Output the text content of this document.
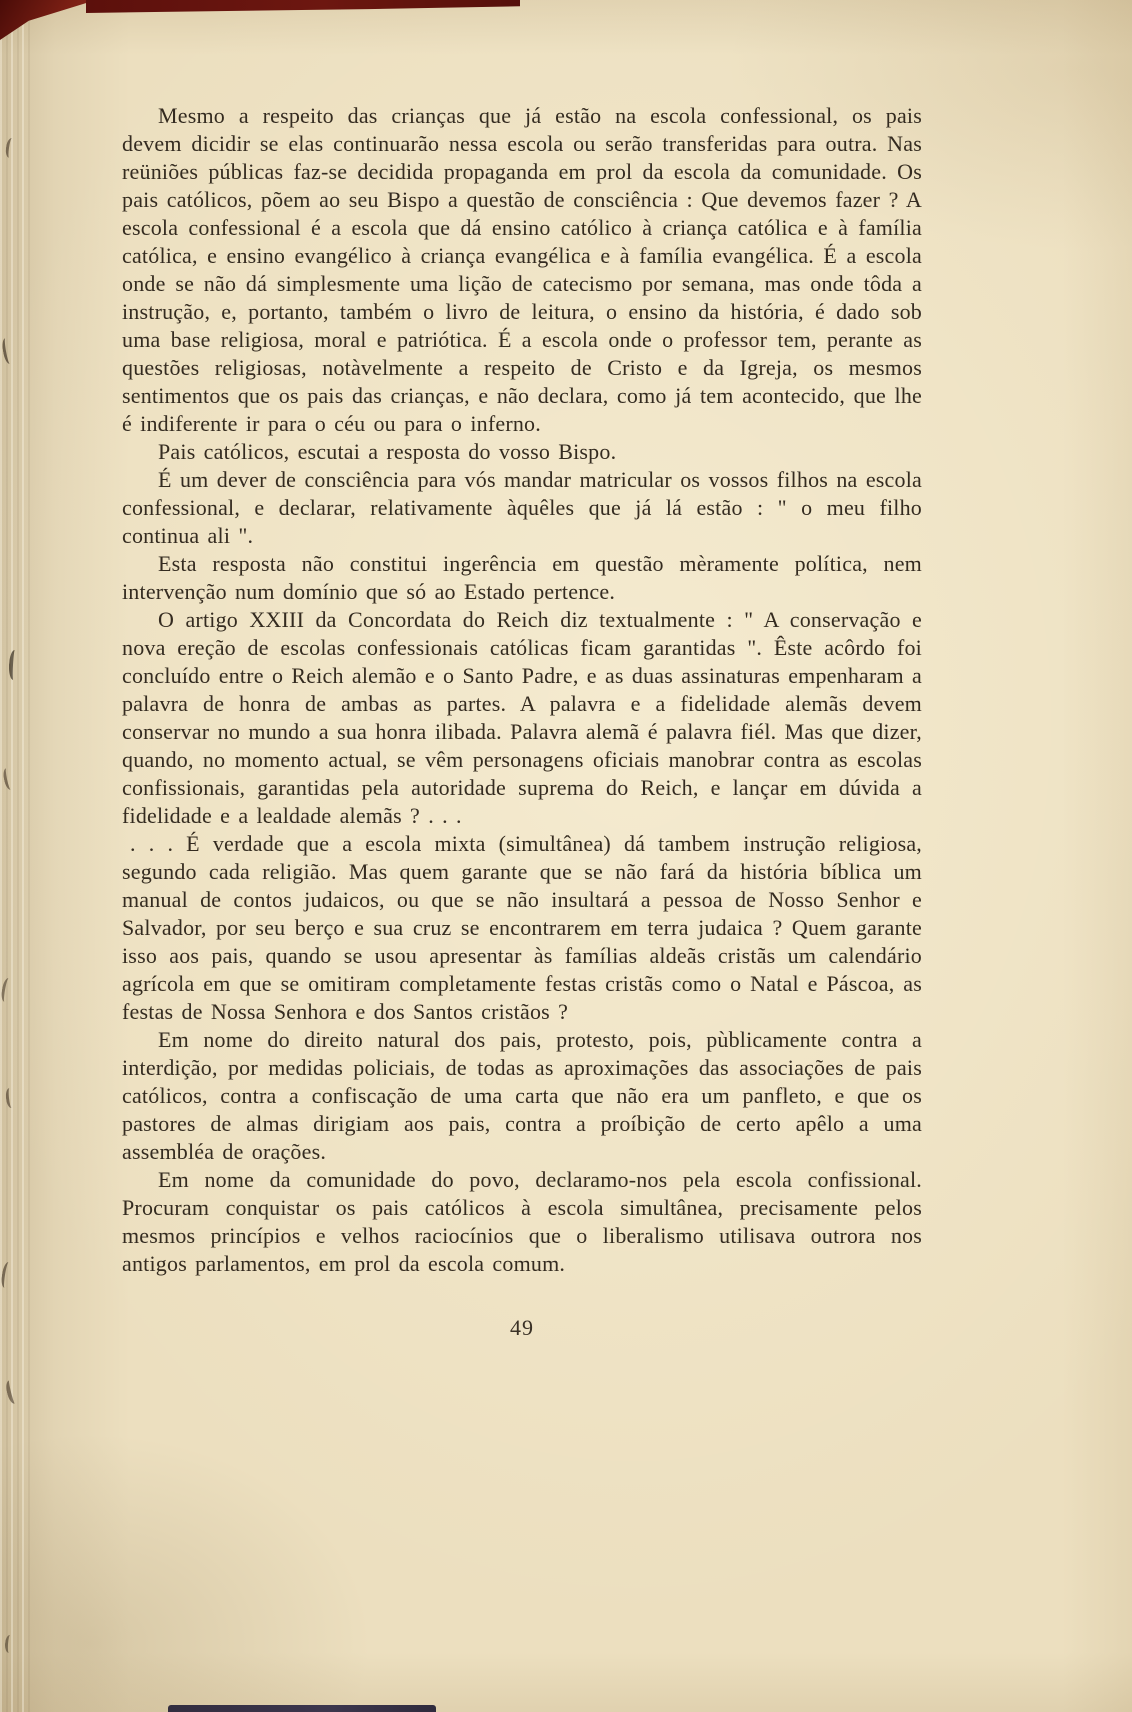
Mesmo a respeito das crianças que já estão na escola confessional, os pais devem dicidir se elas continuarão nessa escola ou serão transferidas para outra. Nas reüniões públicas faz-se decidida propaganda em prol da escola da comunidade. Os pais católicos, põem ao seu Bispo a questão de consciência : Que devemos fazer ? A escola confessional é a escola que dá ensino católico à criança católica e à família católica, e ensino evangélico à criança evangélica e à família evangélica. É a escola onde se não dá simplesmente uma lição de catecismo por semana, mas onde tôda a instrução, e, portanto, também o livro de leitura, o ensino da história, é dado sob uma base religiosa, moral e patriótica. É a escola onde o professor tem, perante as questões religiosas, notàvelmente a respeito de Cristo e da Igreja, os mesmos sentimentos que os pais das crianças, e não declara, como já tem acontecido, que lhe é indiferente ir para o céu ou para o inferno.

Pais católicos, escutai a resposta do vosso Bispo.

É um dever de consciência para vós mandar matricular os vossos filhos na escola confessional, e declarar, relativamente àquêles que já lá estão : " o meu filho continua ali ".

Esta resposta não constitui ingerência em questão mèramente política, nem intervenção num domínio que só ao Estado pertence.

O artigo XXIII da Concordata do Reich diz textualmente : " A conservação e nova ereção de escolas confessionais católicas ficam garantidas ". Êste acôrdo foi concluído entre o Reich alemão e o Santo Padre, e as duas assinaturas empenharam a palavra de honra de ambas as partes. A palavra e a fidelidade alemãs devem conservar no mundo a sua honra ilibada. Palavra alemã é palavra fiél. Mas que dizer, quando, no momento actual, se vêm personagens oficiais manobrar contra as escolas confissionais, garantidas pela autoridade suprema do Reich, e lançar em dúvida a fidelidade e a lealdade alemãs ? . . .

. . . É verdade que a escola mixta (simultânea) dá tambem instrução religiosa, segundo cada religião. Mas quem garante que se não fará da história bíblica um manual de contos judaicos, ou que se não insultará a pessoa de Nosso Senhor e Salvador, por seu berço e sua cruz se encontrarem em terra judaica ? Quem garante isso aos pais, quando se usou apresentar às famílias aldeãs cristãs um calendário agrícola em que se omitiram completamente festas cristãs como o Natal e Páscoa, as festas de Nossa Senhora e dos Santos cristãos ?

Em nome do direito natural dos pais, protesto, pois, pùblicamente contra a interdição, por medidas policiais, de todas as aproximações das associações de pais católicos, contra a confiscação de uma carta que não era um panfleto, e que os pastores de almas dirigiam aos pais, contra a proíbição de certo apêlo a uma assembléa de orações.

Em nome da comunidade do povo, declaramo-nos pela escola confissional. Procuram conquistar os pais católicos à escola simultânea, precisamente pelos mesmos princípios e velhos raciocínios que o liberalismo utilisava outrora nos antigos parlamentos, em prol da escola comum.

49
